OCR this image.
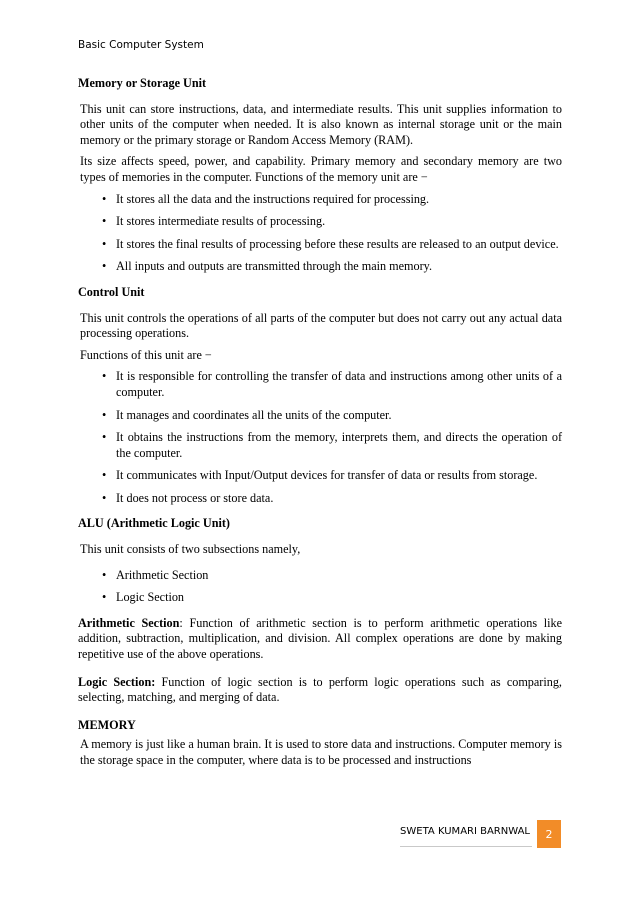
Basic Computer System
Memory or Storage Unit
This unit can store instructions, data, and intermediate results. This unit supplies information to other units of the computer when needed. It is also known as internal storage unit or the main memory or the primary storage or Random Access Memory (RAM).
Its size affects speed, power, and capability. Primary memory and secondary memory are two types of memories in the computer. Functions of the memory unit are −
• It stores all the data and the instructions required for processing.
• It stores intermediate results of processing.
• It stores the final results of processing before these results are released to an output device.
• All inputs and outputs are transmitted through the main memory.
Control Unit
This unit controls the operations of all parts of the computer but does not carry out any actual data processing operations.
Functions of this unit are −
• It is responsible for controlling the transfer of data and instructions among other units of a computer.
• It manages and coordinates all the units of the computer.
• It obtains the instructions from the memory, interprets them, and directs the operation of the computer.
• It communicates with Input/Output devices for transfer of data or results from storage.
• It does not process or store data.
ALU (Arithmetic Logic Unit)
This unit consists of two subsections namely,
• Arithmetic Section
• Logic Section
Arithmetic Section: Function of arithmetic section is to perform arithmetic operations like addition, subtraction, multiplication, and division. All complex operations are done by making repetitive use of the above operations.
Logic Section: Function of logic section is to perform logic operations such as comparing, selecting, matching, and merging of data.
MEMORY
A memory is just like a human brain. It is used to store data and instructions. Computer memory is the storage space in the computer, where data is to be processed and instructions
SWETA KUMARI BARNWAL	2
